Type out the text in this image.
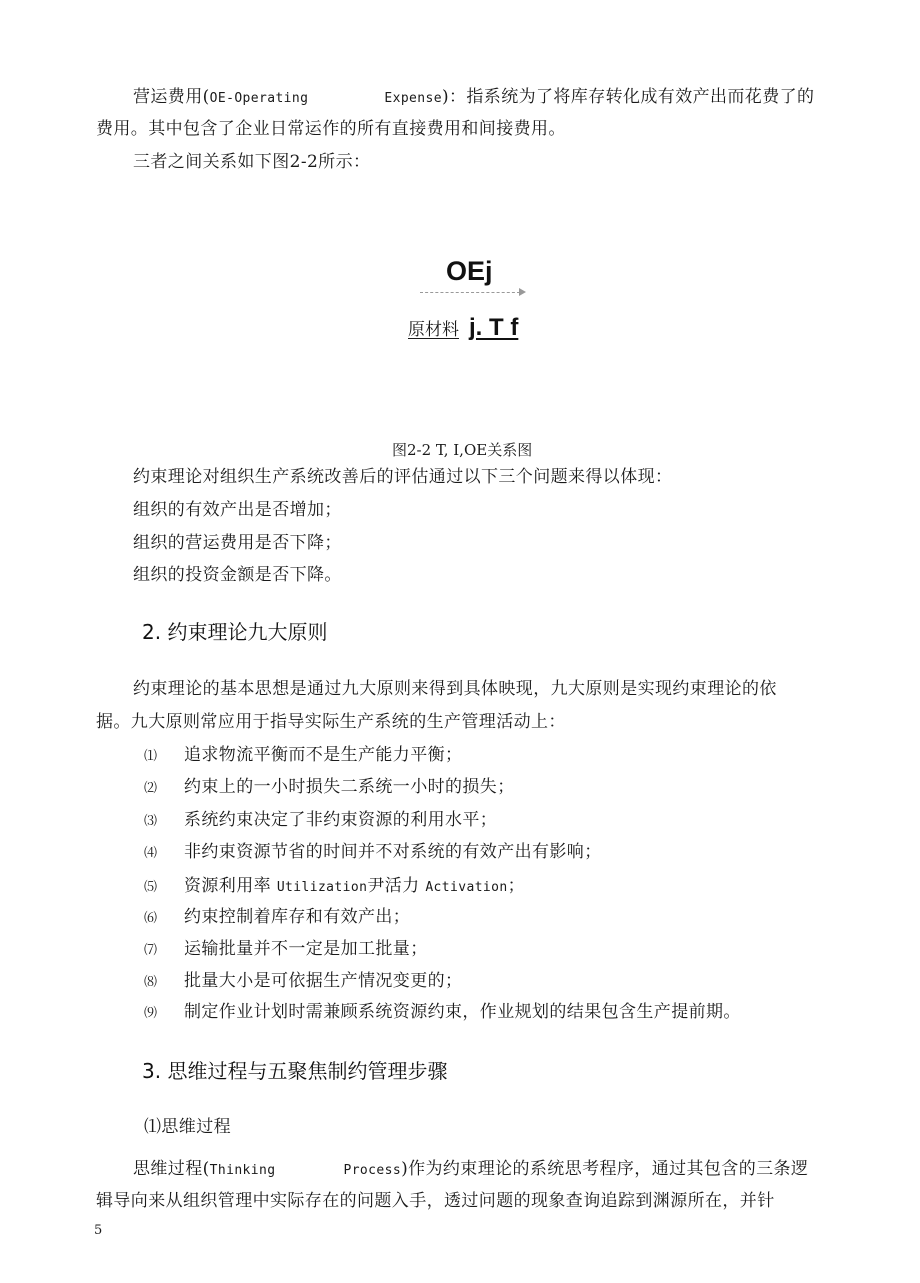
营运费用(OE-Operating	Expense)：指系统为了将库存转化成有效产出而花费了的
费用。其中包含了企业日常运作的所有直接费用和间接费用。
三者之间关系如下图2-2所示：
OEj
原材料 j. T f
图2-2 T, I,OE关系图
约束理论对组织生产系统改善后的评估通过以下三个问题来得以体现：
组织的有效产出是否增加；
组织的营运费用是否下降；
组织的投资金额是否下降。
2. 约束理论九大原则
约束理论的基本思想是通过九大原则来得到具体映现，九大原则是实现约束理论的依
据。九大原则常应用于指导实际生产系统的生产管理活动上：
⑴ 追求物流平衡而不是生产能力平衡；
⑵ 约束上的一小时损失二系统一小时的损失；
⑶ 系统约束决定了非约束资源的利用水平；
⑷ 非约束资源节省的时间并不对系统的有效产出有影响；
⑸ 资源利用率 Utilization尹活力 Activation；
⑹ 约束控制着库存和有效产出；
⑺ 运输批量并不一定是加工批量；
⑻ 批量大小是可依据生产情况变更的；
⑼ 制定作业计划时需兼顾系统资源约束，作业规划的结果包含生产提前期。
3. 思维过程与五聚焦制约管理步骤
⑴思维过程
思维过程(Thinking	Process)作为约束理论的系统思考程序，通过其包含的三条逻
辑导向来从组织管理中实际存在的问题入手，透过问题的现象查询追踪到渊源所在，并针
5
